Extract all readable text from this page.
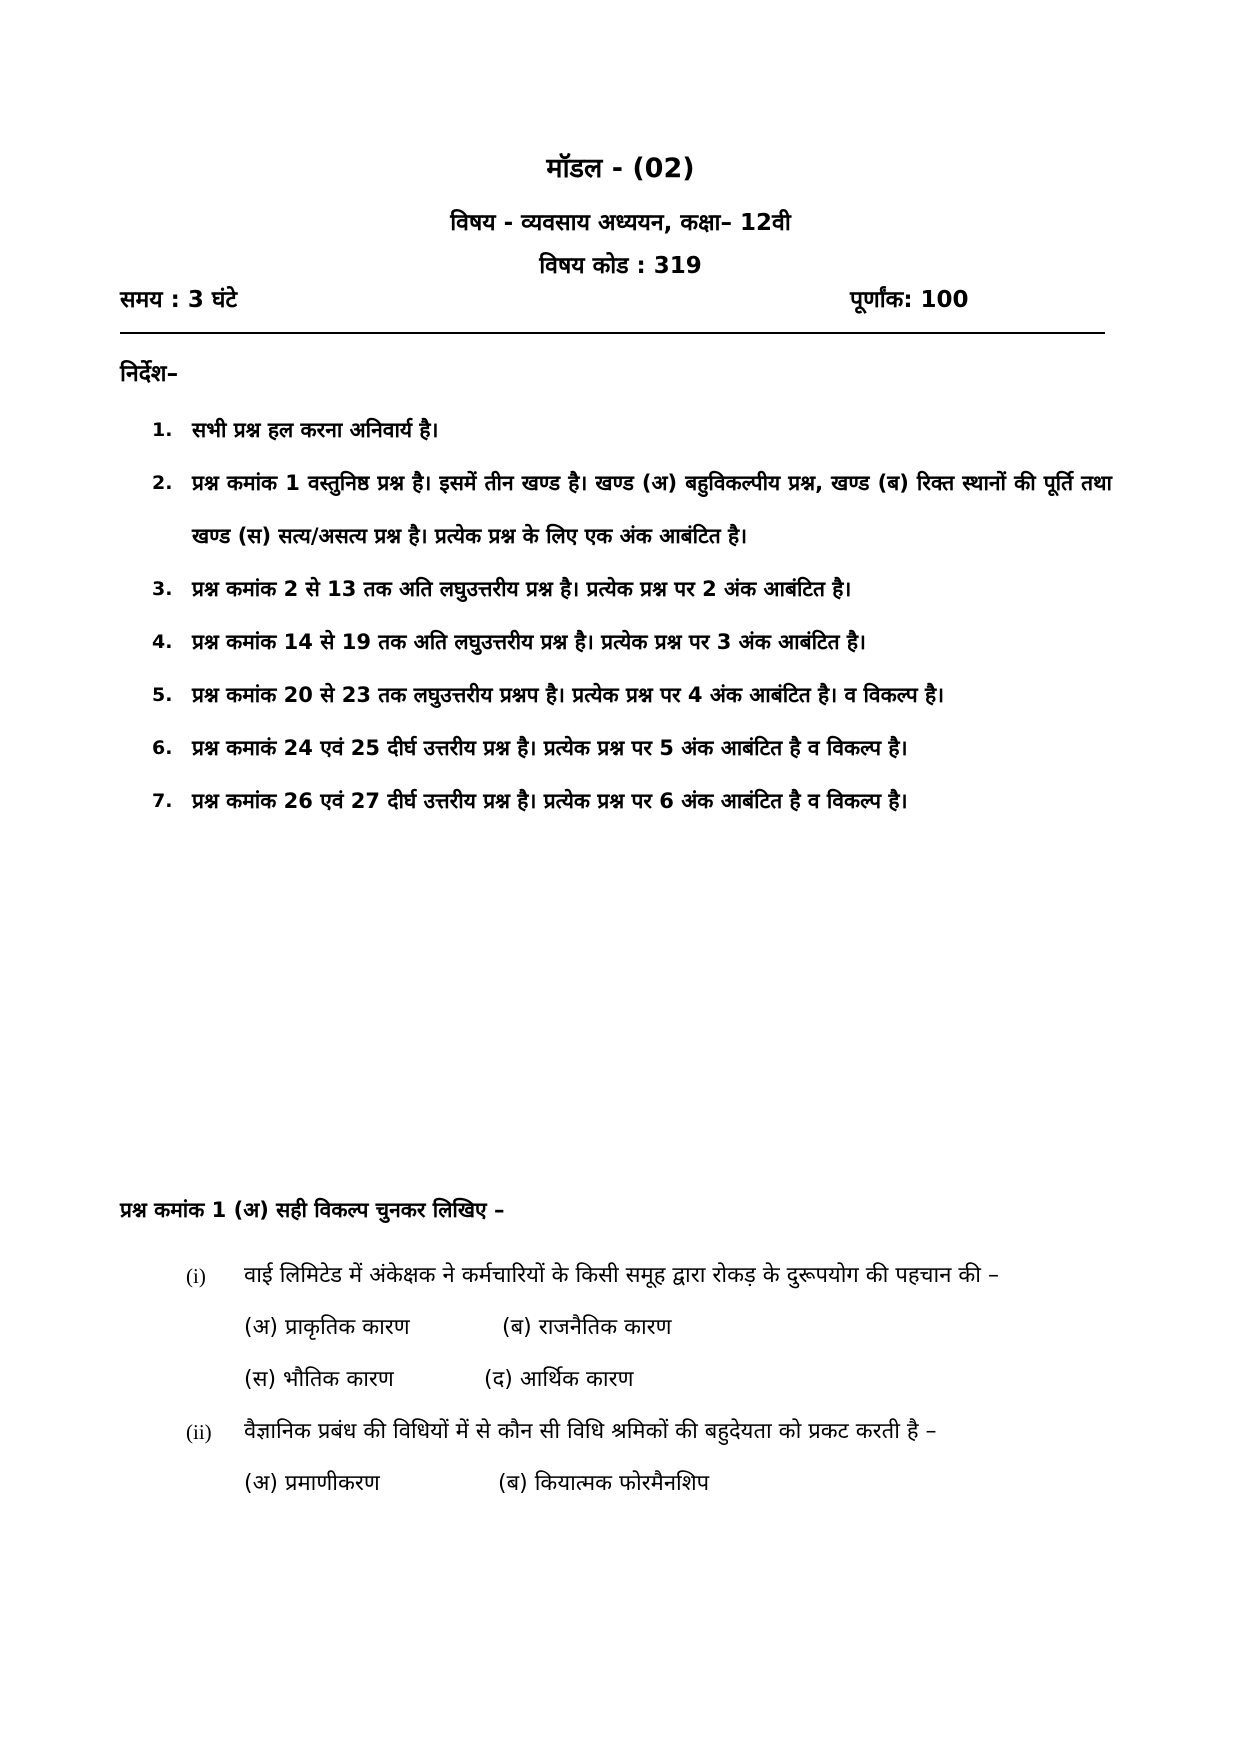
मॉडल - (02)
विषय - व्यवसाय अध्ययन, कक्षा– 12वी
विषय कोड : 319
समय : 3 घंटे	पूर्णांक: 100
निर्देश–
1. सभी प्रश्न हल करना अनिवार्य है।
2. प्रश्न कमांक 1 वस्तुनिष्ठ प्रश्न है। इसमें तीन खण्ड है। खण्ड (अ) बहुविकल्पीय प्रश्न, खण्ड (ब) रिक्त स्थानों की पूर्ति तथा खण्ड (स) सत्य/असत्य प्रश्न है। प्रत्येक प्रश्न के लिए एक अंक आबंटित है।
3. प्रश्न कमांक 2 से 13 तक अति लघुउत्तरीय प्रश्न है। प्रत्येक प्रश्न पर 2 अंक आबंटित है।
4. प्रश्न कमांक 14 से 19 तक अति लघुउत्तरीय प्रश्न है। प्रत्येक प्रश्न पर 3 अंक आबंटित है।
5. प्रश्न कमांक 20 से 23 तक लघुउत्तरीय प्रश्नप है। प्रत्येक प्रश्न पर 4 अंक आबंटित है। व विकल्प है।
6. प्रश्न कमाकं 24 एवं 25 दीर्घ उत्तरीय प्रश्न है। प्रत्येक प्रश्न पर 5 अंक आबंटित है व विकल्प है।
7. प्रश्न कमांक 26 एवं 27 दीर्घ उत्तरीय प्रश्न है। प्रत्येक प्रश्न पर 6 अंक आबंटित है व विकल्प है।
प्रश्न कमांक 1 (अ) सही विकल्प चुनकर लिखिए –
(i)	वाई लिमिटेड में अंकेक्षक ने कर्मचारियों के किसी समूह द्वारा रोकड़ के दुरूपयोग की पहचान की –
(अ) प्राकृतिक कारण	(ब) राजनैतिक कारण
(स) भौतिक कारण	(द) आर्थिक कारण
(ii)	वैज्ञानिक प्रबंध की विधियों में से कौन सी विधि श्रमिकों की बहुदेयता को प्रकट करती है –
(अ) प्रमाणीकरण	(ब) कियात्मक फोरमैनशिप
